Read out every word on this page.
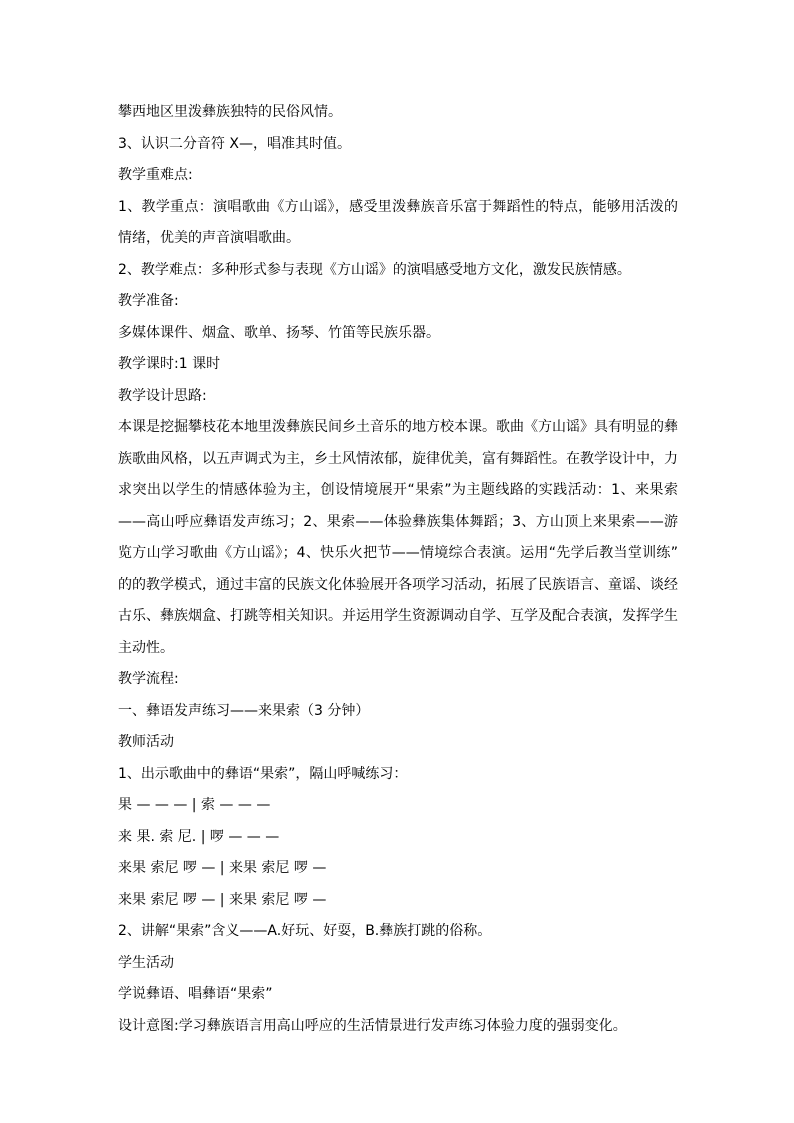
攀西地区里泼彝族独特的民俗风情。
3、认识二分音符 X—，唱准其时值。
教学重难点:
1、教学重点：演唱歌曲《方山谣》，感受里泼彝族音乐富于舞蹈性的特点，能够用活泼的
情绪，优美的声音演唱歌曲。
2、教学难点：多种形式参与表现《方山谣》的演唱感受地方文化，激发民族情感。
教学准备:
多媒体课件、烟盒、歌单、扬琴、竹笛等民族乐器。
教学课时:1 课时
教学设计思路:
本课是挖掘攀枝花本地里泼彝族民间乡土音乐的地方校本课。歌曲《方山谣》具有明显的彝
族歌曲风格，以五声调式为主，乡土风情浓郁，旋律优美，富有舞蹈性。在教学设计中，力
求突出以学生的情感体验为主，创设情境展开“果索”为主题线路的实践活动：1、来果索
——高山呼应彝语发声练习；2、果索——体验彝族集体舞蹈；3、方山顶上来果索——游
览方山学习歌曲《方山谣》；4、快乐火把节——情境综合表演。运用“先学后教当堂训练”
的的教学模式，通过丰富的民族文化体验展开各项学习活动，拓展了民族语言、童谣、谈经
古乐、彝族烟盒、打跳等相关知识。并运用学生资源调动自学、互学及配合表演，发挥学生
主动性。
教学流程:
一、彝语发声练习——来果索（3 分钟）
教师活动
1、出示歌曲中的彝语“果索”，隔山呼喊练习：
果 — — — | 索 — — —
来 果. 索 尼. | 啰 — — —
来果 索尼 啰 — | 来果 索尼 啰 —
来果 索尼 啰 — | 来果 索尼 啰 —
2、讲解“果索”含义——A.好玩、好耍，B.彝族打跳的俗称。
学生活动
学说彝语、唱彝语“果索”
设计意图:学习彝族语言用高山呼应的生活情景进行发声练习体验力度的强弱变化。
